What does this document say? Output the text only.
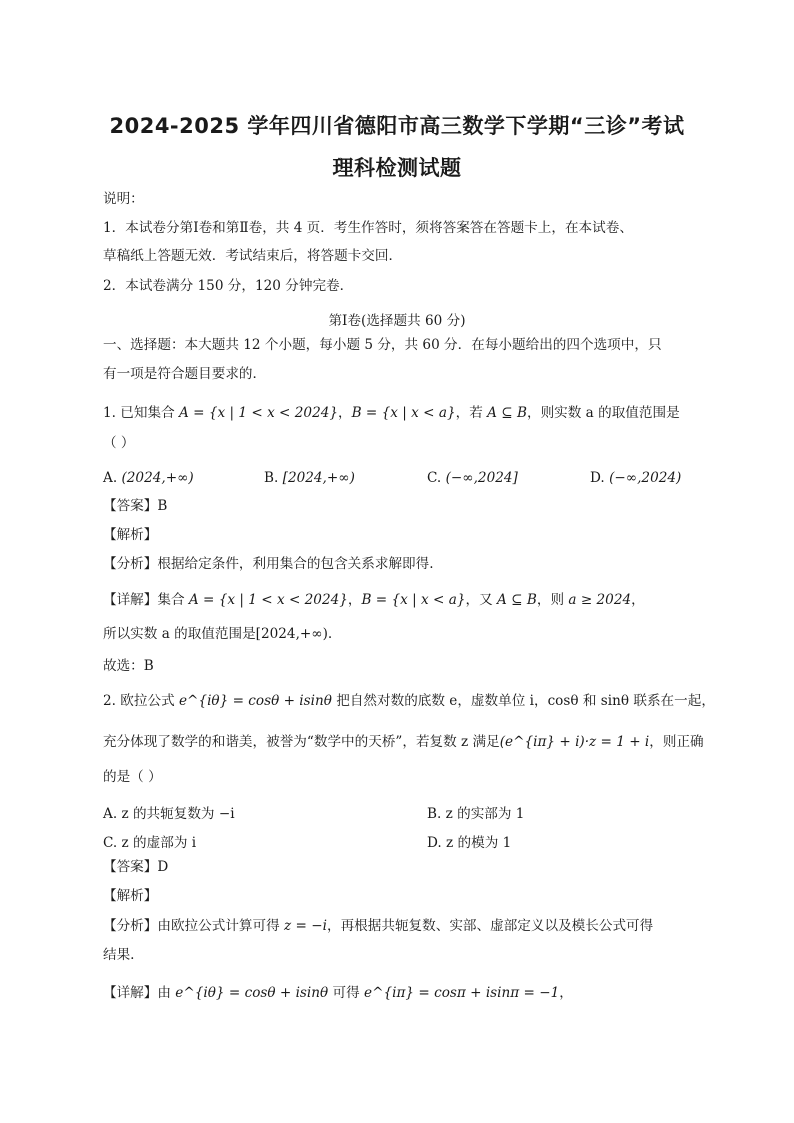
2024-2025 学年四川省德阳市高三数学下学期“三诊”考试
理科检测试题
说明：
1．本试卷分第Ⅰ卷和第Ⅱ卷，共 4 页．考生作答时，须将答案答在答题卡上，在本试卷、
草稿纸上答题无效．考试结束后，将答题卡交回．
2．本试卷满分 150 分，120 分钟完卷．
第Ⅰ卷(选择题共 60 分)
一、选择题：本大题共 12 个小题，每小题 5 分，共 60 分．在每小题给出的四个选项中，只
有一项是符合题目要求的．
1. 已知集合 A = {x | 1 < x < 2024}，B = {x | x < a}，若 A ⊆ B，则实数 a 的取值范围是
（ ）
A. (2024,+∞)	B. [2024,+∞)	C. (−∞,2024]	D. (−∞,2024)
【答案】B
【解析】
【分析】根据给定条件，利用集合的包含关系求解即得.
【详解】集合 A = {x | 1 < x < 2024}，B = {x | x < a}，又 A ⊆ B，则 a ≥ 2024，
所以实数 a 的取值范围是[2024,+∞).
故选：B
2. 欧拉公式 e^{iθ} = cosθ + isinθ 把自然对数的底数 e，虚数单位 i，cosθ 和 sinθ 联系在一起，
充分体现了数学的和谐美，被誉为“数学中的天桥”，若复数 z 满足(e^{iπ} + i)·z = 1 + i，则正确
的是（ ）
A. z 的共轭复数为 −i	B. z 的实部为 1
C. z 的虚部为 i	D. z 的模为 1
【答案】D
【解析】
【分析】由欧拉公式计算可得 z = −i，再根据共轭复数、实部、虚部定义以及模长公式可得
结果.
【详解】由 e^{iθ} = cosθ + isinθ 可得 e^{iπ} = cosπ + isinπ = −1，
